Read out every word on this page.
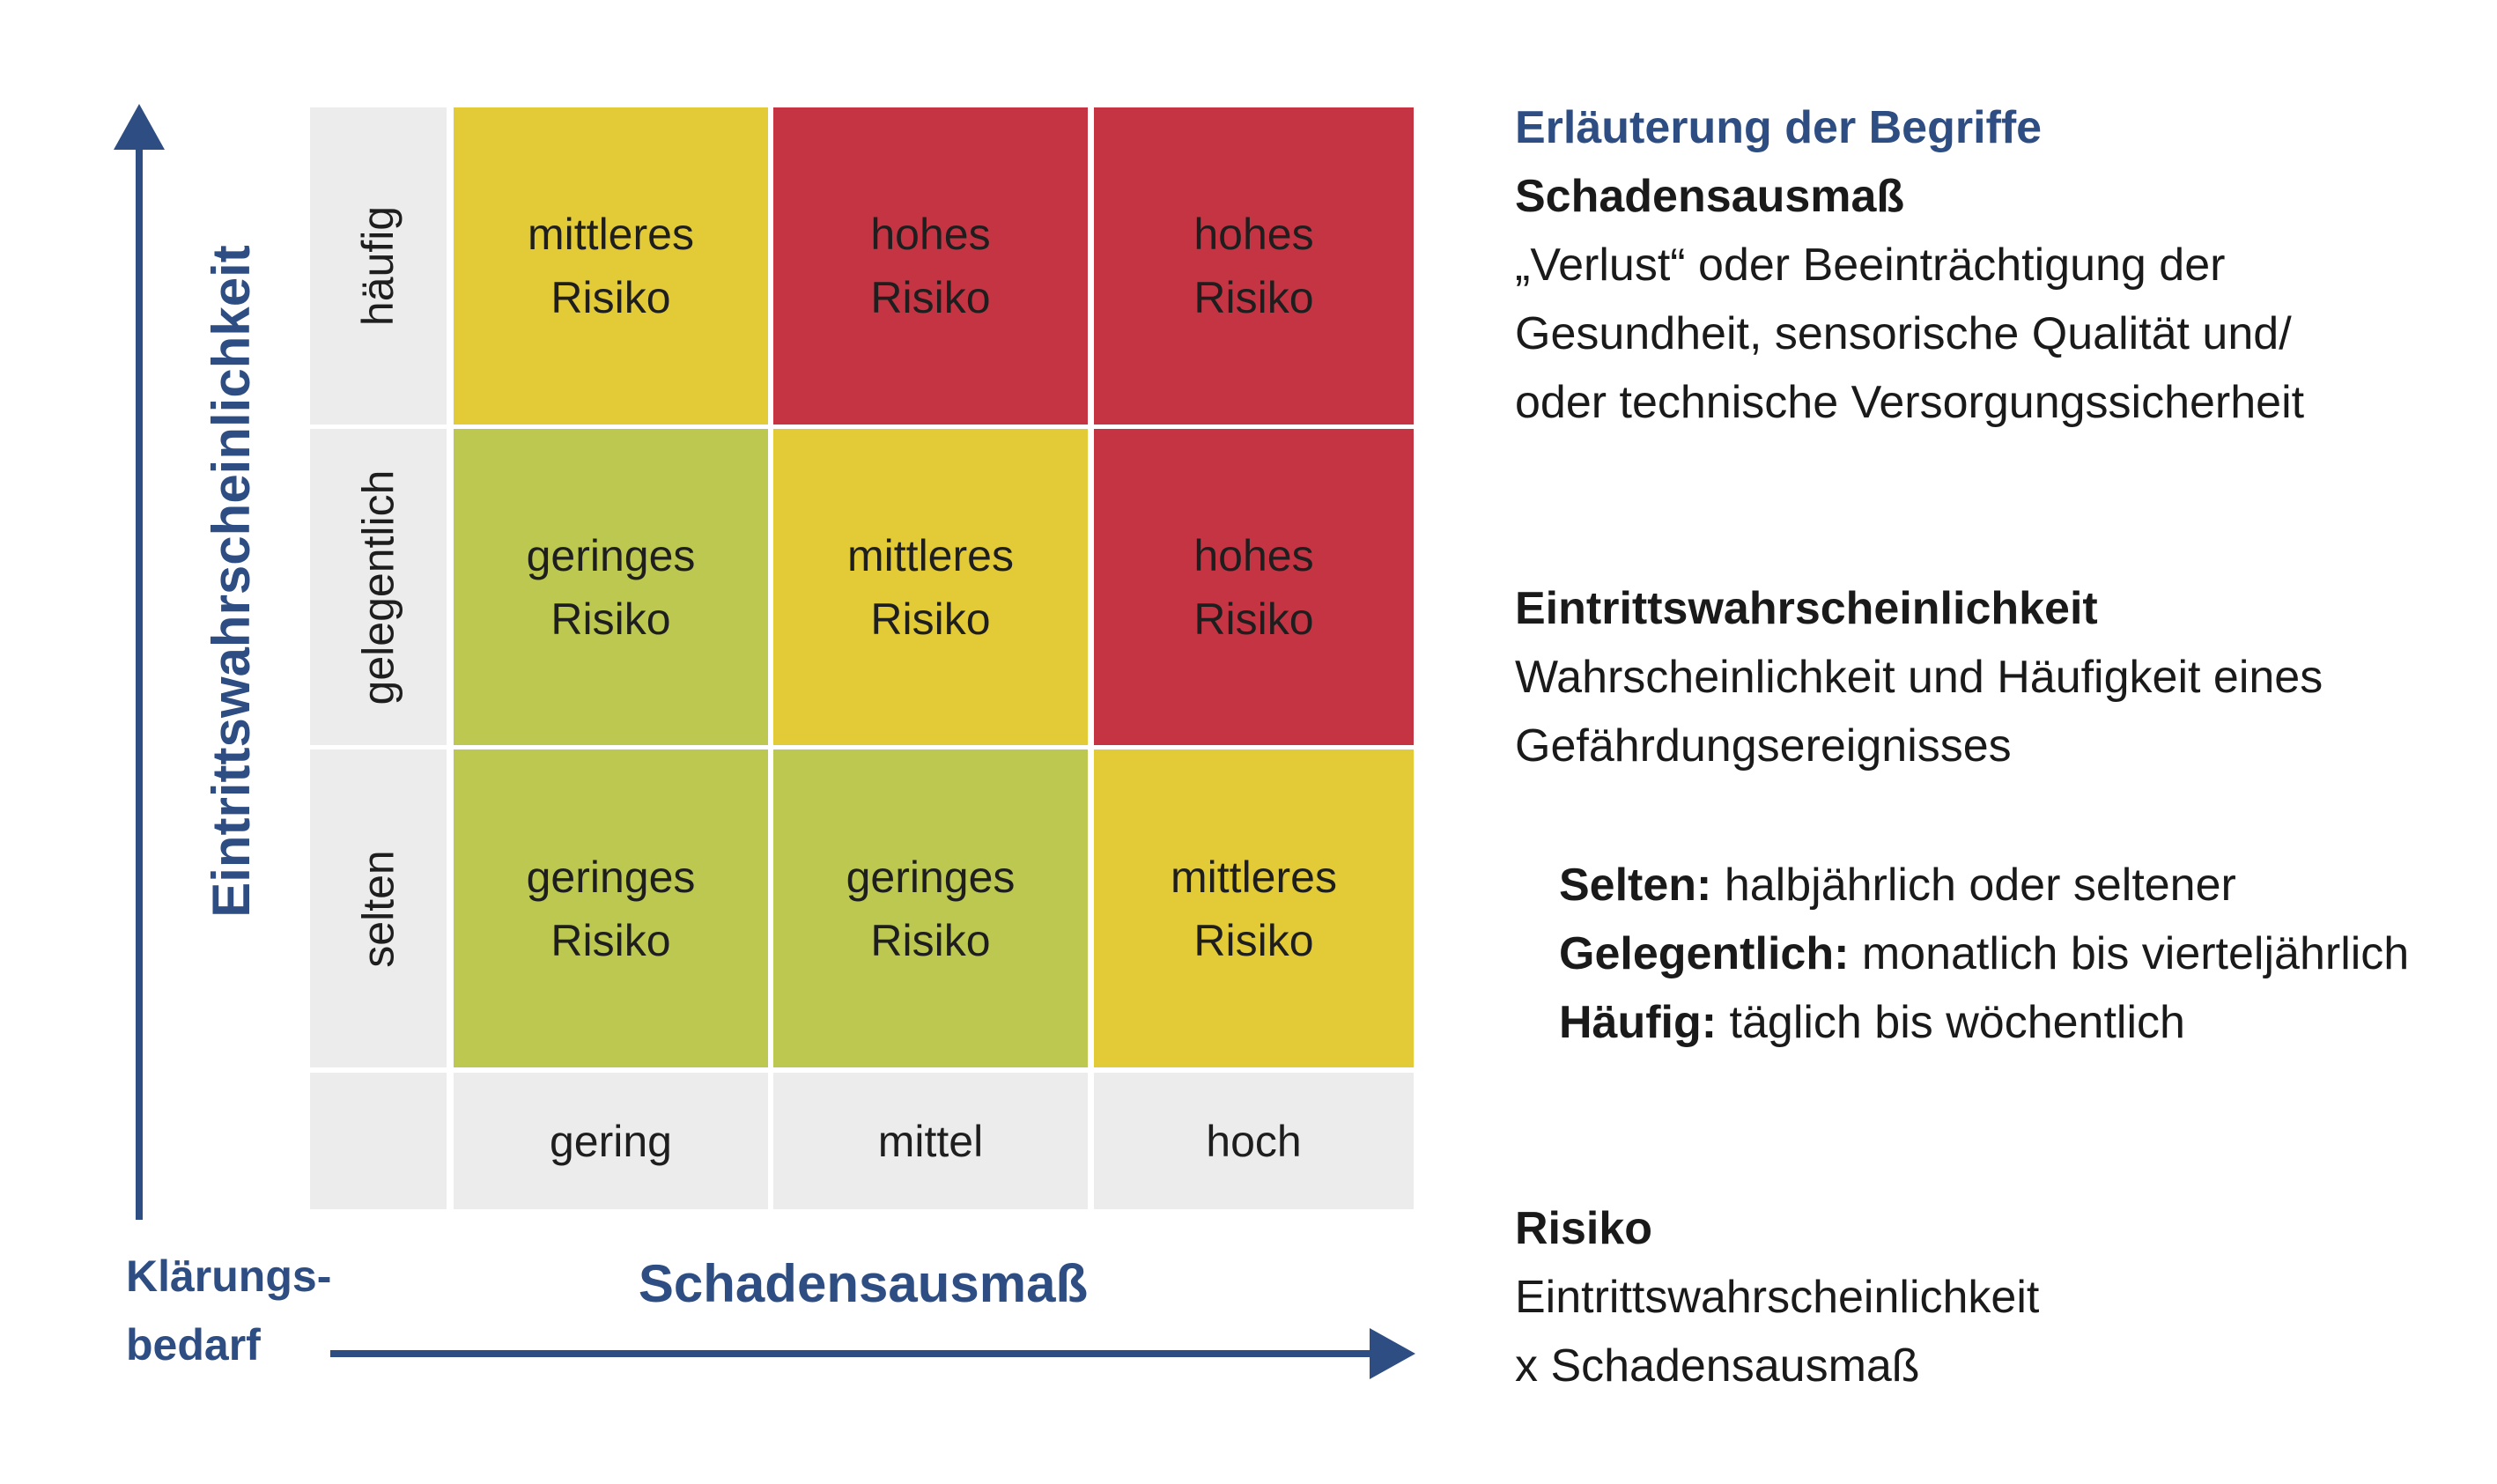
Eintrittswahrscheinlichkeit
Schadensausmaß
Klärungs-
bedarf
häufig
gelegentlich
selten
mittleres
Risiko
hohes
Risiko
hohes
Risiko
geringes
Risiko
mittleres
Risiko
hohes
Risiko
geringes
Risiko
geringes
Risiko
mittleres
Risiko
gering	mittel	hoch
Erläuterung der Begriffe
Schadensausmaß
„Verlust“ oder Beeinträchtigung der
Gesundheit, sensorische Qualität und/
oder technische Versorgungssicherheit
Eintrittswahrscheinlichkeit
Wahrscheinlichkeit und Häufigkeit eines
Gefährdungsereignisses
Selten: halbjährlich oder seltener
Gelegentlich: monatlich bis vierteljährlich
Häufig: täglich bis wöchentlich
Risiko
Eintrittswahrscheinlichkeit
x Schadensausmaß
